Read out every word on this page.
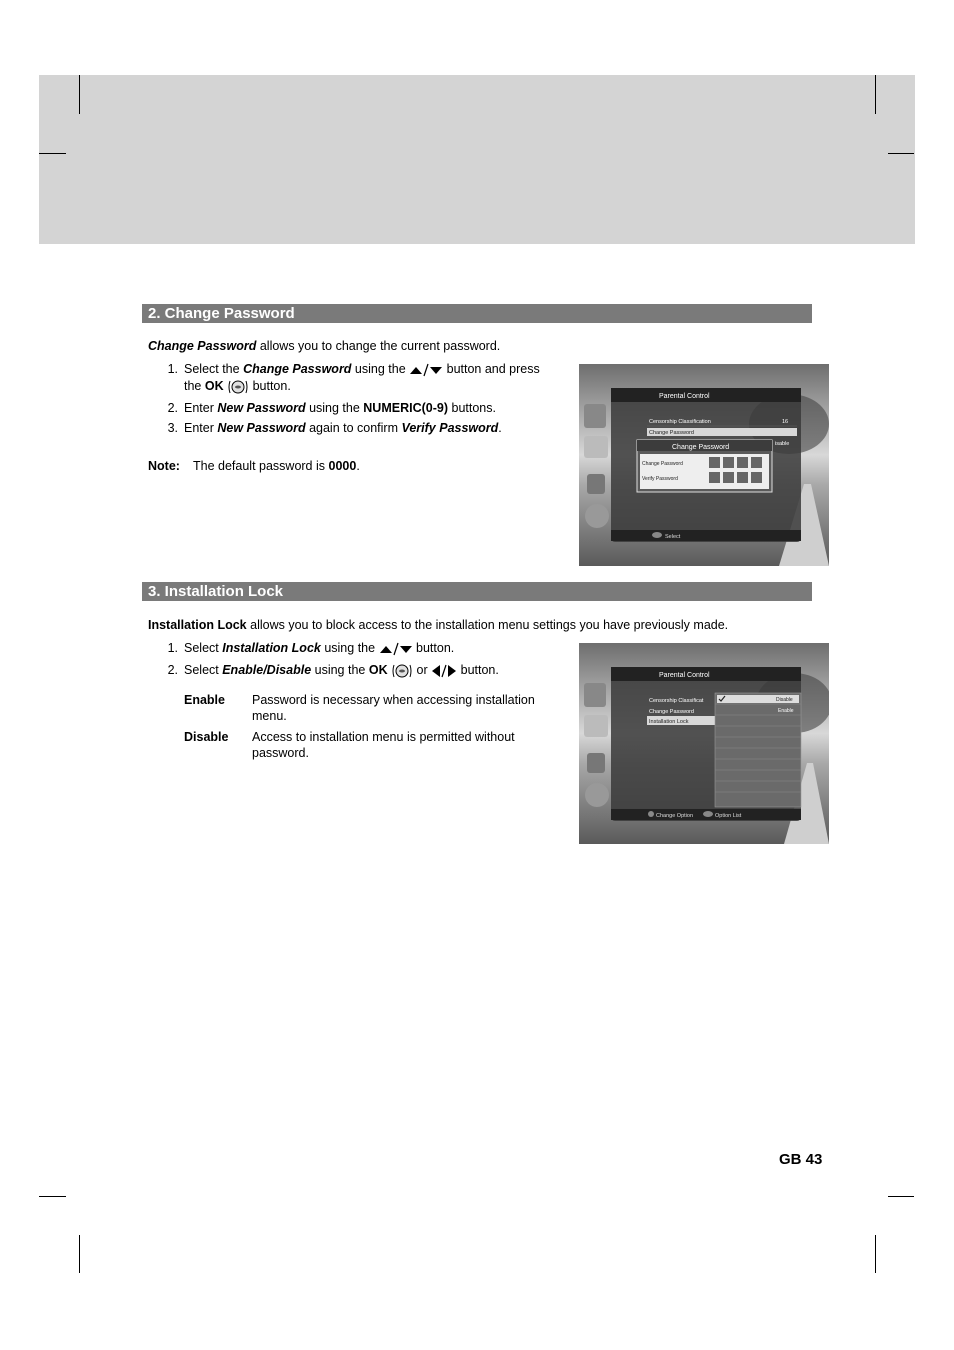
2. Change Password
Change Password allows you to change the current password.
1. Select the Change Password using the	button and press
the OK  button.
2. Enter New Password using the NUMERIC(0-9) buttons.
3. Enter New Password again to confirm Verify Password.
Note: The default password is 0000.
Parental Control
Censorship Classification	16
Change Password
isable
Change Password
Change Password
Verify Password
Select
3. Installation Lock
Installation Lock allows you to block access to the installation menu settings you have previously made.
1. Select Installation Lock using the	button.
2. Select Enable/Disable using the OK  or  button.
Enable Password is necessary when accessing installation
menu.
Disable Access to installation menu is permitted without
password.
Parental Control
Censorship Classificat
Change Password
Installation Lock
Disable
Enable
Change Option	Option List
GB 43
